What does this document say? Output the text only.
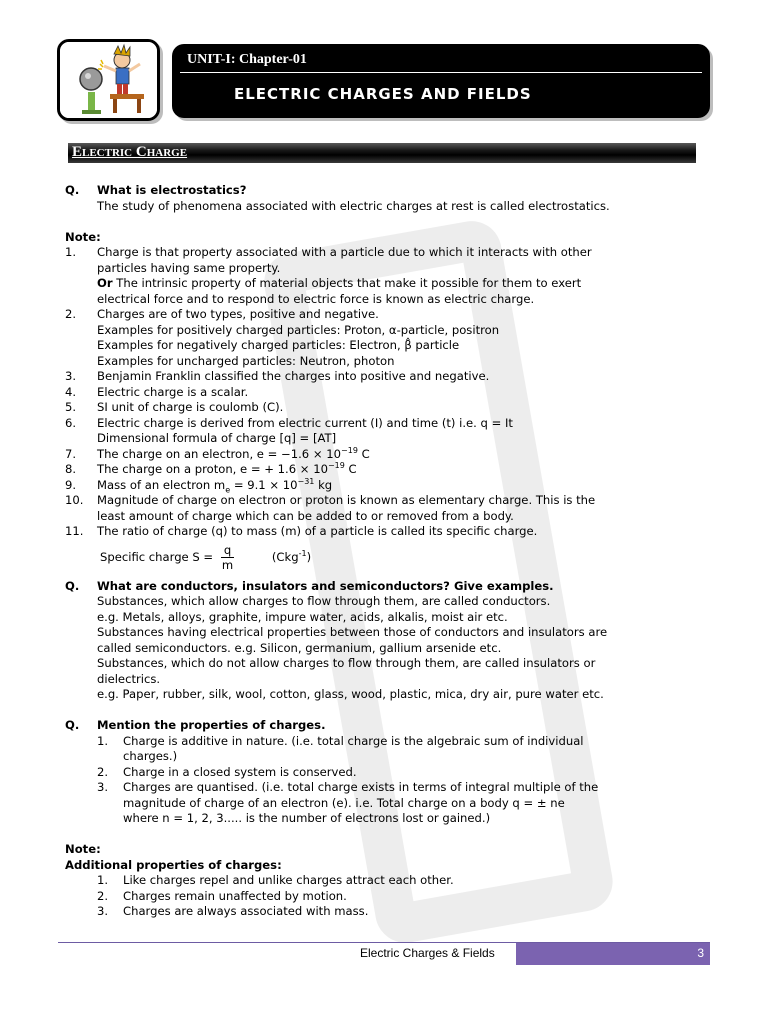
UNIT-I: Chapter-01
ELECTRIC CHARGES AND FIELDS
Electric Charge
Q.	What is electrostatics?
The study of phenomena associated with electric charges at rest is called electrostatics.
Note:
1.	Charge is that property associated with a particle due to which it interacts with other
particles having same property.
Or The intrinsic property of material objects that make it possible for them to exert
electrical force and to respond to electric force is known as electric charge.
2.	Charges are of two types, positive and negative.
Examples for positively charged particles: Proton, α-particle, positron
Examples for negatively charged particles: Electron, β̂ particle
Examples for uncharged particles: Neutron, photon
3.	Benjamin Franklin classified the charges into positive and negative.
4.	Electric charge is a scalar.
5.	SI unit of charge is coulomb (C).
6.	Electric charge is derived from electric current (I) and time (t) i.e. q = It
Dimensional formula of charge [q] = [AT]
7.	The charge on an electron, $e = -1.6 \times 10^{-19}$ C
8.	The charge on a proton, e = + $1.6 \times 10^{-19}$ C
9.	Mass of an electron $m_e = 9.1 \times 10^{-31}$ kg
10.	Magnitude of charge on electron or proton is known as elementary charge. This is the
least amount of charge which can be added to or removed from a body.
11.	The ratio of charge (q) to mass (m) of a particle is called its specific charge.
Specific charge $S = \frac{q}{m}$	(Ckg$^{-1}$)
Q.	What are conductors, insulators and semiconductors? Give examples.
Substances, which allow charges to flow through them, are called conductors.
e.g. Metals, alloys, graphite, impure water, acids, alkalis, moist air etc.
Substances having electrical properties between those of conductors and insulators are
called semiconductors. e.g. Silicon, germanium, gallium arsenide etc.
Substances, which do not allow charges to flow through them, are called insulators or
dielectrics.
e.g. Paper, rubber, silk, wool, cotton, glass, wood, plastic, mica, dry air, pure water etc.
Q.	Mention the properties of charges.
1.	Charge is additive in nature. (i.e. total charge is the algebraic sum of individual
charges.)
2.	Charge in a closed system is conserved.
3.	Charges are quantised. (i.e. total charge exists in terms of integral multiple of the
magnitude of charge of an electron (e). i.e. Total charge on a body q = ± ne
where n = 1, 2, 3..... is the number of electrons lost or gained.)
Note:
Additional properties of charges:
1.	Like charges repel and unlike charges attract each other.
2.	Charges remain unaffected by motion.
3.	Charges are always associated with mass.
Electric Charges & Fields	3
